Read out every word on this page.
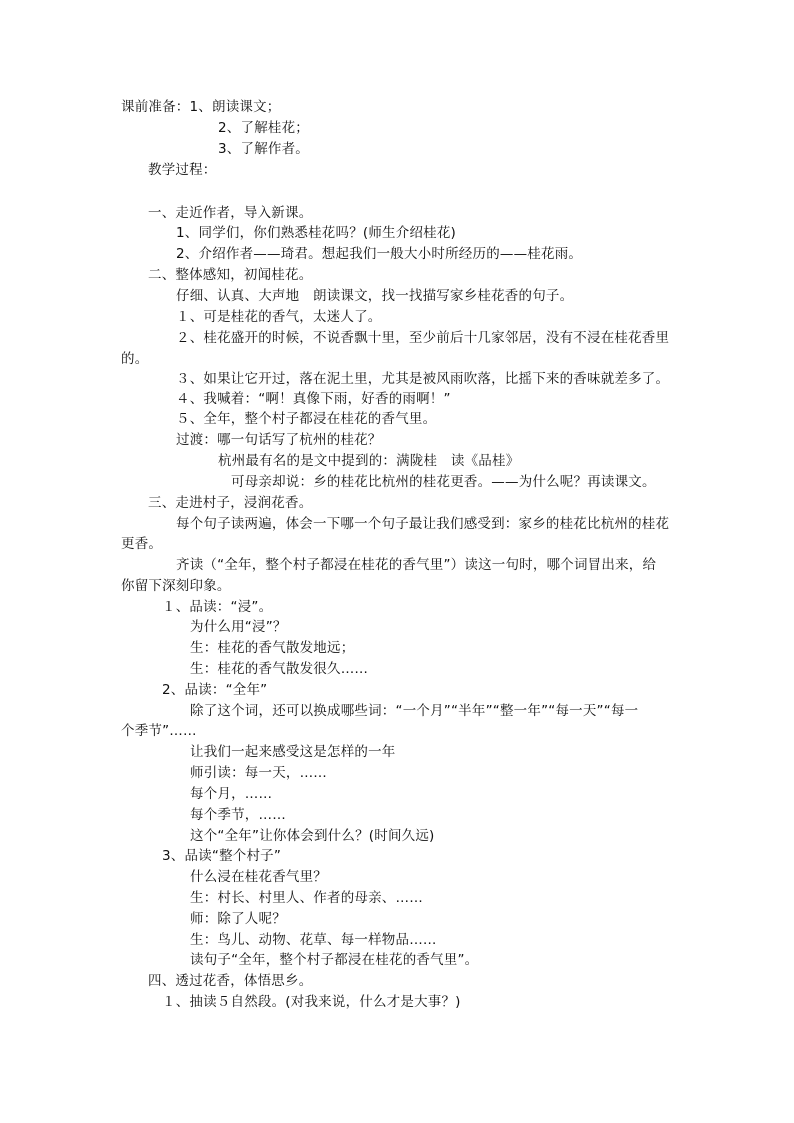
课前准备：1、朗读课文；
2、了解桂花；
3、了解作者。
教学过程：
一、走近作者，导入新课。
1、同学们，你们熟悉桂花吗？(师生介绍桂花)
2、介绍作者——琦君。想起我们一般大小时所经历的——桂花雨。
二、整体感知，初闻桂花。
仔细、认真、大声地　朗读课文，找一找描写家乡桂花香的句子。
１、可是桂花的香气，太迷人了。
２、桂花盛开的时候，不说香飘十里，至少前后十几家邻居，没有不浸在桂花香里
的。
３、如果让它开过，落在泥土里，尤其是被风雨吹落，比摇下来的香味就差多了。
４、我喊着：“啊！真像下雨，好香的雨啊！”
５、全年，整个村子都浸在桂花的香气里。
过渡：哪一句话写了杭州的桂花？
杭州最有名的是文中提到的：满陇桂　读《品桂》
可母亲却说：乡的桂花比杭州的桂花更香。——为什么呢？再读课文。
三、走进村子，浸润花香。
每个句子读两遍，体会一下哪一个句子最让我们感受到：家乡的桂花比杭州的桂花
更香。
齐读（“全年，整个村子都浸在桂花的香气里”）读这一句时，哪个词冒出来，给
你留下深刻印象。
１、品读：“浸”。
为什么用“浸”？
生：桂花的香气散发地远；
生：桂花的香气散发很久……
2、品读：“全年”
除了这个词，还可以换成哪些词：“一个月”“半年”“整一年”“每一天”“每一
个季节”……
让我们一起来感受这是怎样的一年
师引读：每一天，……
每个月，……
每个季节，……
这个“全年”让你体会到什么？(时间久远)
3、品读“整个村子”
什么浸在桂花香气里？
生：村长、村里人、作者的母亲、……
师：除了人呢？
生：鸟儿、动物、花草、每一样物品……
读句子“全年，整个村子都浸在桂花的香气里”。
四、透过花香，体悟思乡。
１、抽读５自然段。(对我来说，什么才是大事？)
